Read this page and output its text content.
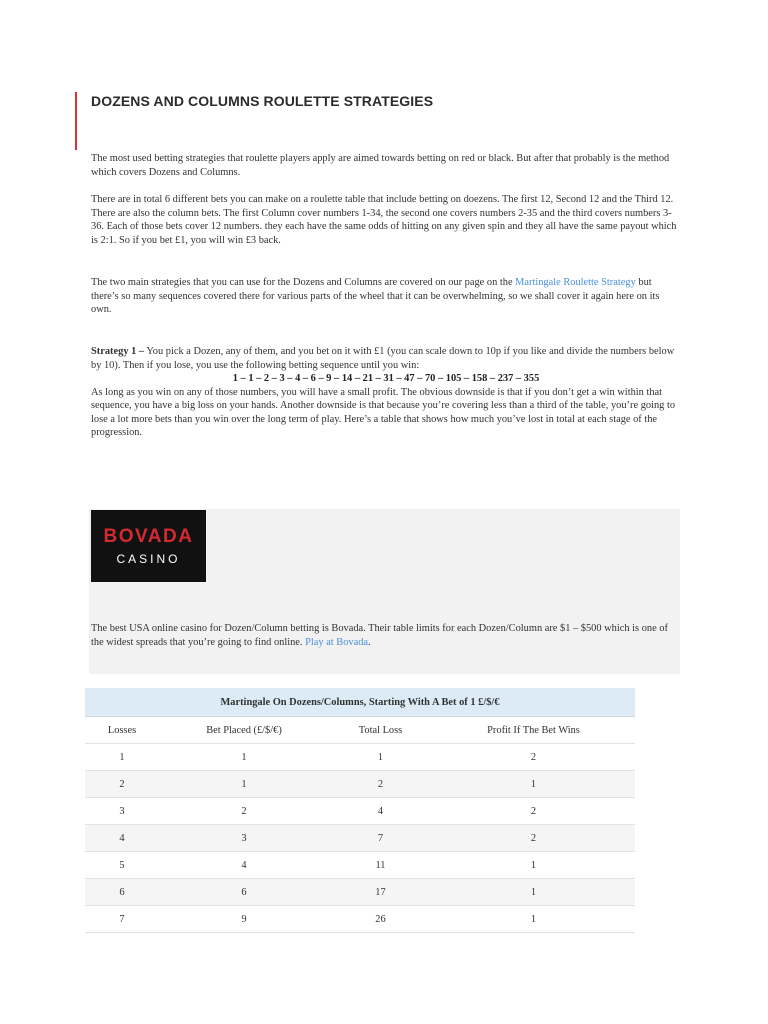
DOZENS AND COLUMNS ROULETTE STRATEGIES

The most used betting strategies that roulette players apply are aimed towards betting on red or black. But after that probably is the method which covers Dozens and Columns.

There are in total 6 different bets you can make on a roulette table that include betting on doezens. The first 12, Second 12 and the Third 12. There are also the column bets. The first Column cover numbers 1-34, the second one covers numbers 2-35 and the third covers numbers 3-36. Each of those bets cover 12 numbers. they each have the same odds of hitting on any given spin and they all have the same payout which is 2:1. So if you bet £1, you will win £3 back.

The two main strategies that you can use for the Dozens and Columns are covered on our page on the Martingale Roulette Strategy but there’s so many sequences covered there for various parts of the wheel that it can be overwhelming, so we shall cover it again here on its own.

Strategy 1 – You pick a Dozen, any of them, and you bet on it with £1 (you can scale down to 10p if you like and divide the numbers below by 10). Then if you lose, you use the following betting sequence until you win:
1 – 1 – 2 – 3 – 4 – 6 – 9 – 14 – 21 – 31 – 47 – 70 – 105 – 158 – 237 – 355
As long as you win on any of those numbers, you will have a small profit. The obvious downside is that if you don’t get a win within that sequence, you have a big loss on your hands. Another downside is that because you’re covering less than a third of the table, you’re going to lose a lot more bets than you win over the long term of play. Here’s a table that shows how much you’ve lost in total at each stage of the progression.

BOVADA
CASINO

The best USA online casino for Dozen/Column betting is Bovada. Their table limits for each Dozen/Column are $1 – $500 which is one of the widest spreads that you’re going to find online. Play at Bovada.

Martingale On Dozens/Columns, Starting With A Bet of 1 £/$/€			
Losses	Bet Placed (£/$/€)	Total Loss	Profit If The Bet Wins
1	1	1	2
2	1	2	1
3	2	4	2
4	3	7	2
5	4	11	1
6	6	17	1
7	9	26	1
